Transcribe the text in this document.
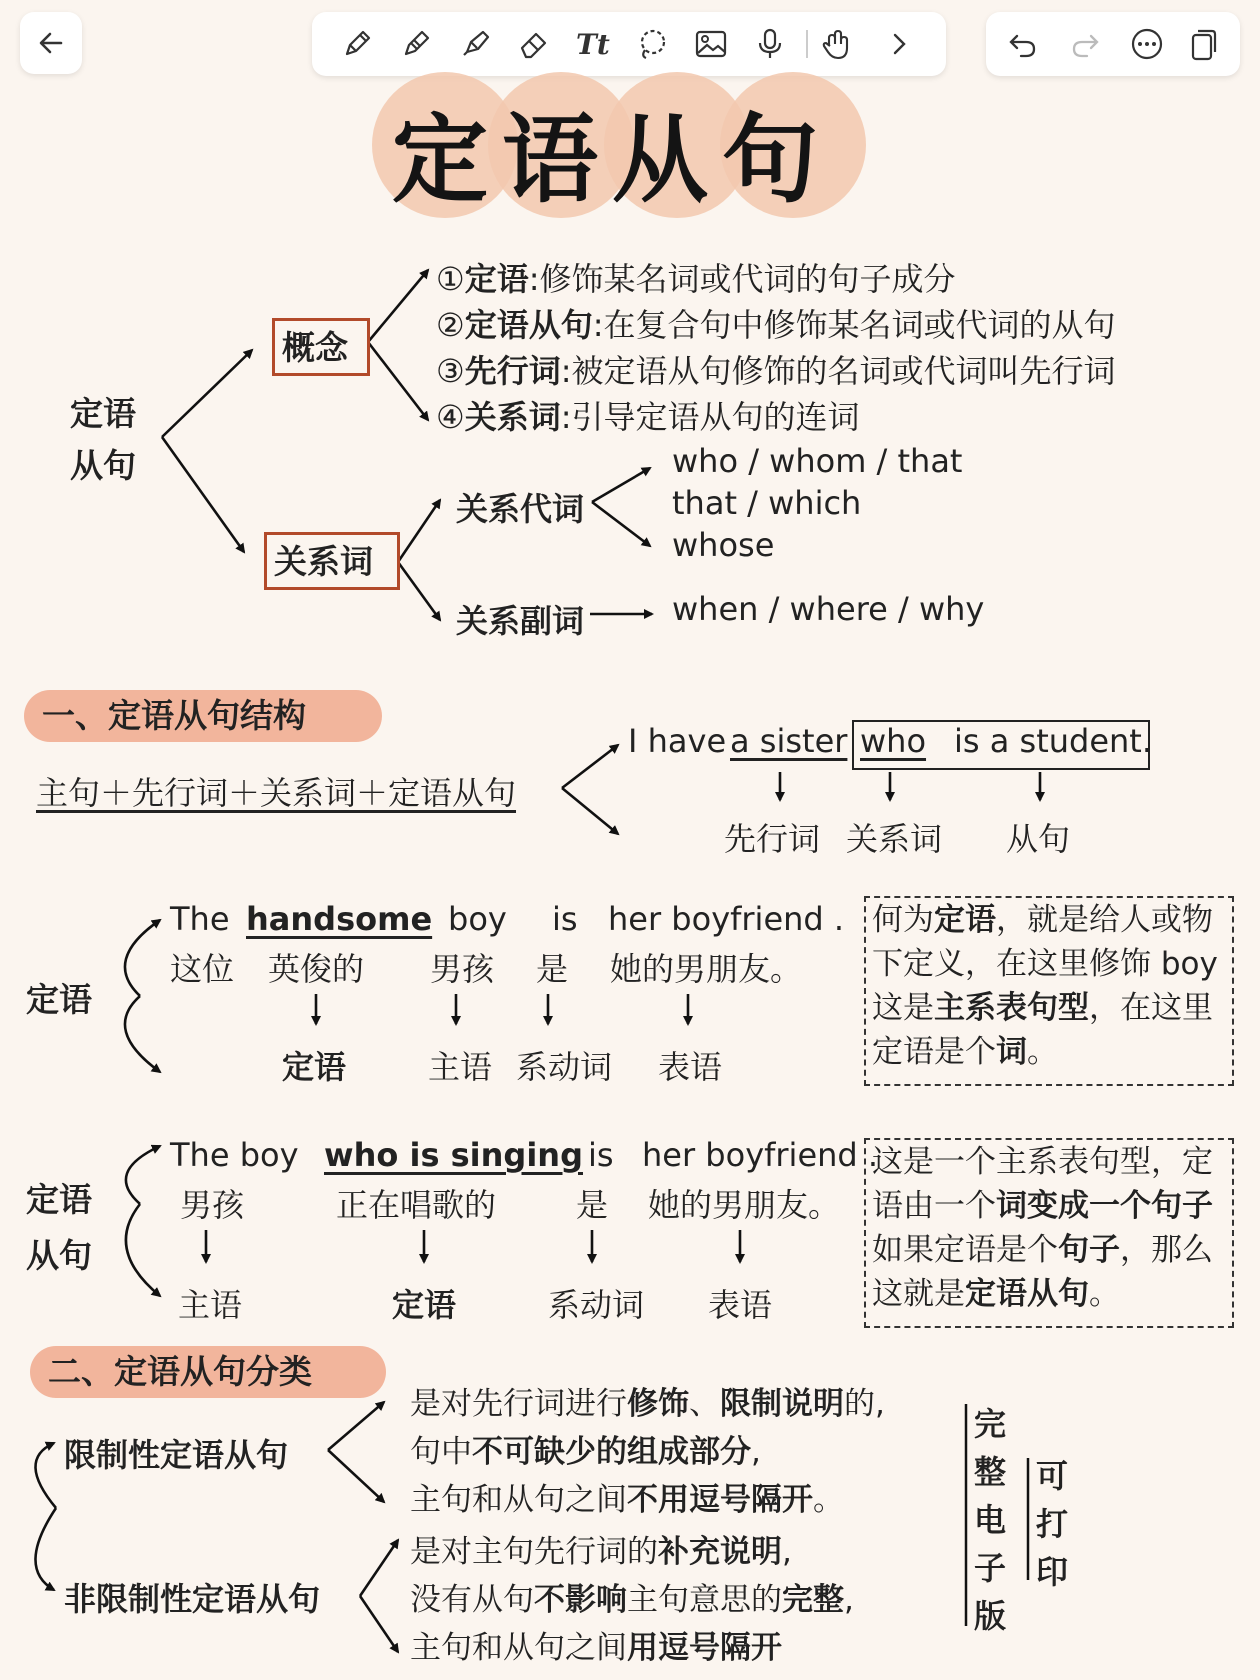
Tt
定语从句
定语
从句
概念
①定语:修饰某名词或代词的句子成分
②定语从句:在复合句中修饰某名词或代词的从句
③先行词:被定语从句修饰的名词或代词叫先行词
④关系词:引导定语从句的连词
关系词
关系代词
关系副词
who / whom / that
that / which
whose
when / where / why
一、定语从句结构
主句＋先行词＋关系词＋定语从句
I have a sister who is a student.
先行词 关系词 从句
定语
The handsome boy is her boyfriend .
这位 英俊的 男孩 是 她的男朋友。
定语	主语 系动词 表语
何为定语，就是给人或物
下定义，在这里修饰 boy
这是主系表句型，在这里
定语是个词。
定语
从句
The boy who is singing is her boyfriend .
男孩	正在唱歌的 是 她的男朋友。
主语	定语	系动词 表语
这是一个主系表句型，定
语由一个词变成一个句子
如果定语是个句子，那么
这就是定语从句。
二、定语从句分类
限制性定语从句
非限制性定语从句
是对先行词进行修饰、限制说明的,
句中不可缺少的组成部分,
主句和从句之间不用逗号隔开。
是对主句先行词的补充说明,
没有从句不影响主句意思的完整,
主句和从句之间用逗号隔开
完整电子版
可打印
